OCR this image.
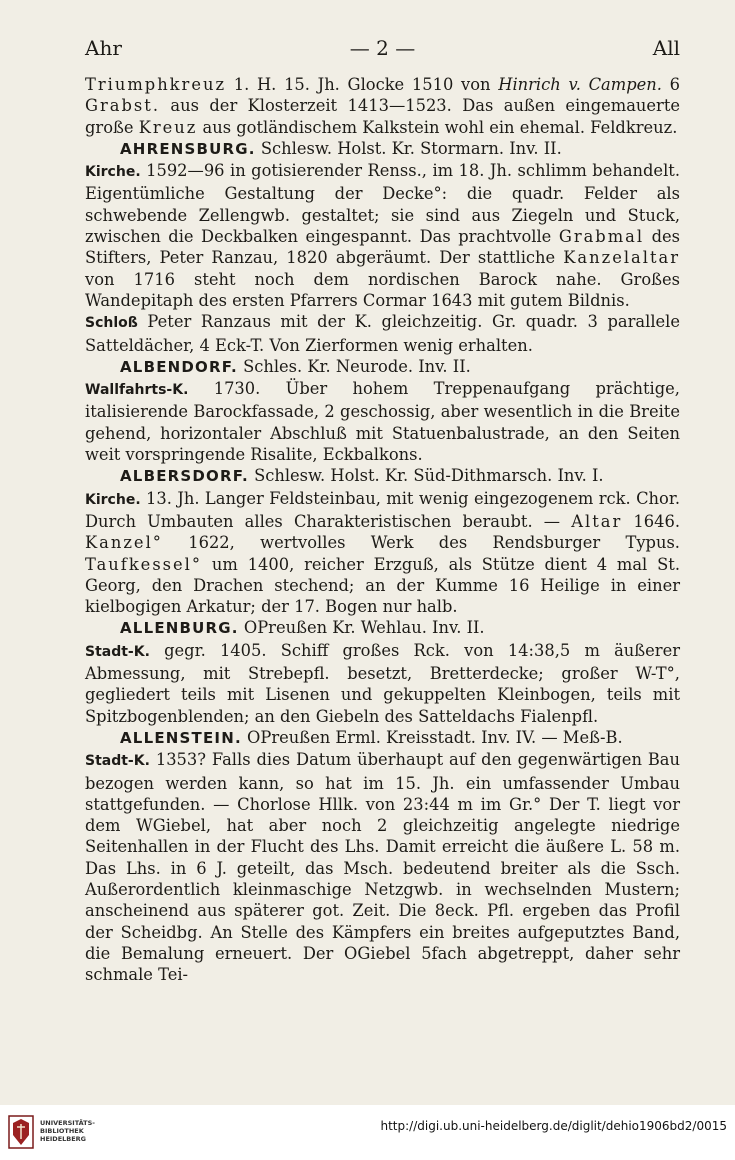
Ahr	— 2 —	All

Triumphkreuz 1. H. 15. Jh. Glocke 1510 von Hinrich v. Campen. 6 Grabst. aus der Klosterzeit 1413—1523. Das außen eingemauerte große Kreuz aus gotländischem Kalkstein wohl ein ehemal. Feldkreuz.

AHRENSBURG. Schlesw. Holst. Kr. Stormarn. Inv. II.

Kirche. 1592—96 in gotisierender Renss., im 18. Jh. schlimm behandelt. Eigentümliche Gestaltung der Decke°: die quadr. Felder als schwebende Zellengwb. gestaltet; sie sind aus Ziegeln und Stuck, zwischen die Deckbalken eingespannt. Das prachtvolle Grabmal des Stifters, Peter Ranzau, 1820 abgeräumt. Der stattliche Kanzelaltar von 1716 steht noch dem nordischen Barock nahe. Großes Wandepitaph des ersten Pfarrers Cormar 1643 mit gutem Bildnis.

Schloß Peter Ranzaus mit der K. gleichzeitig. Gr. quadr. 3 parallele Satteldächer, 4 Eck-T. Von Zierformen wenig erhalten.

ALBENDORF. Schles. Kr. Neurode. Inv. II.

Wallfahrts-K. 1730. Über hohem Treppenaufgang prächtige, italisierende Barockfassade, 2 geschossig, aber wesentlich in die Breite gehend, horizontaler Abschluß mit Statuenbalustrade, an den Seiten weit vorspringende Risalite, Eckbalkons.

ALBERSDORF. Schlesw. Holst. Kr. Süd-Dithmarsch. Inv. I.

Kirche. 13. Jh. Langer Feldsteinbau, mit wenig eingezogenem rck. Chor. Durch Umbauten alles Charakteristischen beraubt. — Altar 1646. Kanzel° 1622, wertvolles Werk des Rendsburger Typus. Taufkessel° um 1400, reicher Erzguß, als Stütze dient 4 mal St. Georg, den Drachen stechend; an der Kumme 16 Heilige in einer kielbogigen Arkatur; der 17. Bogen nur halb.

ALLENBURG. OPreußen Kr. Wehlau. Inv. II.

Stadt-K. gegr. 1405. Schiff großes Rck. von 14:38,5 m äußerer Abmessung, mit Strebepfl. besetzt, Bretterdecke; großer W-T°, gegliedert teils mit Lisenen und gekuppelten Kleinbogen, teils mit Spitzbogenblenden; an den Giebeln des Satteldachs Fialenpfl.

ALLENSTEIN. OPreußen Erml. Kreisstadt. Inv. IV. — Meß-B.

Stadt-K. 1353? Falls dies Datum überhaupt auf den gegenwärtigen Bau bezogen werden kann, so hat im 15. Jh. ein umfassender Umbau stattgefunden. — Chorlose Hllk. von 23:44 m im Gr.° Der T. liegt vor dem WGiebel, hat aber noch 2 gleichzeitig angelegte niedrige Seitenhallen in der Flucht des Lhs. Damit erreicht die äußere L. 58 m. Das Lhs. in 6 J. geteilt, das Msch. bedeutend breiter als die Ssch. Außerordentlich kleinmaschige Netzgwb. in wechselnden Mustern; anscheinend aus späterer got. Zeit. Die 8eck. Pfl. ergeben das Profil der Scheidbg. An Stelle des Kämpfers ein breites aufgeputztes Band, die Bemalung erneuert. Der OGiebel 5fach abgetreppt, daher sehr schmale Tei-

UNIVERSITÄTS-
BIBLIOTHEK
HEIDELBERG
http://digi.ub.uni-heidelberg.de/diglit/dehio1906bd2/0015
